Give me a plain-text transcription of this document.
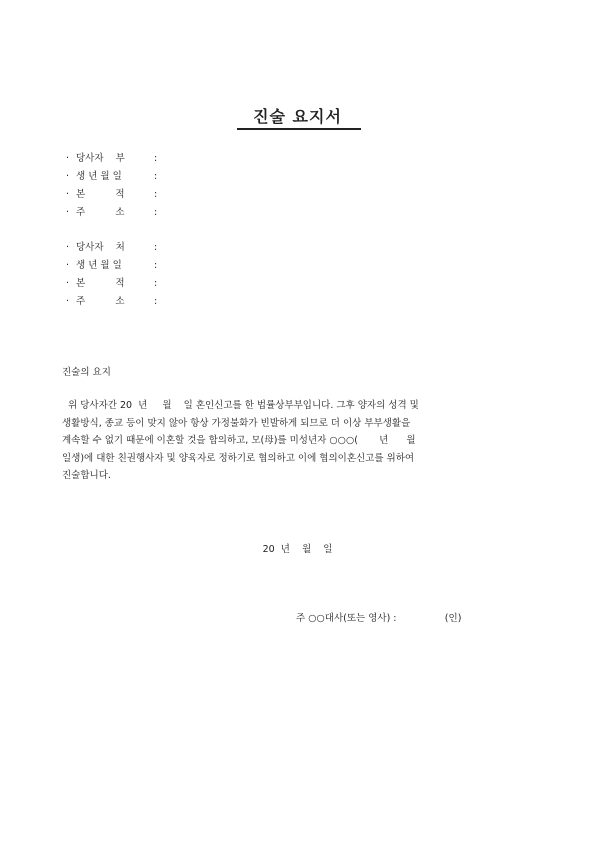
진술 요지서
· 당사자    부	:
· 생 년 월 일	:
· 본          적	:
· 주          소	:
· 당사자    처	:
· 생 년 월 일	:
· 본          적	:
· 주          소	:
진술의 요지
위 당사자간 20  년     월    일 혼인신고를 한 법률상부부입니다. 그후 양자의 성격 및
생활방식, 종교 등이 맞지 않아 항상 가정불화가 빈발하게 되므로 더 이상 부부생활을
계속할 수 없기 때문에 이혼할 것을 합의하고, 모(母)를 미성년자 ○○○(       년      월
일생)에 대한 친권행사자 및 양육자로 정하기로 협의하고 이에 협의이혼신고를 위하여
진술합니다.
20  년    월    일
주 ○○대사(또는 영사) :                (인)
